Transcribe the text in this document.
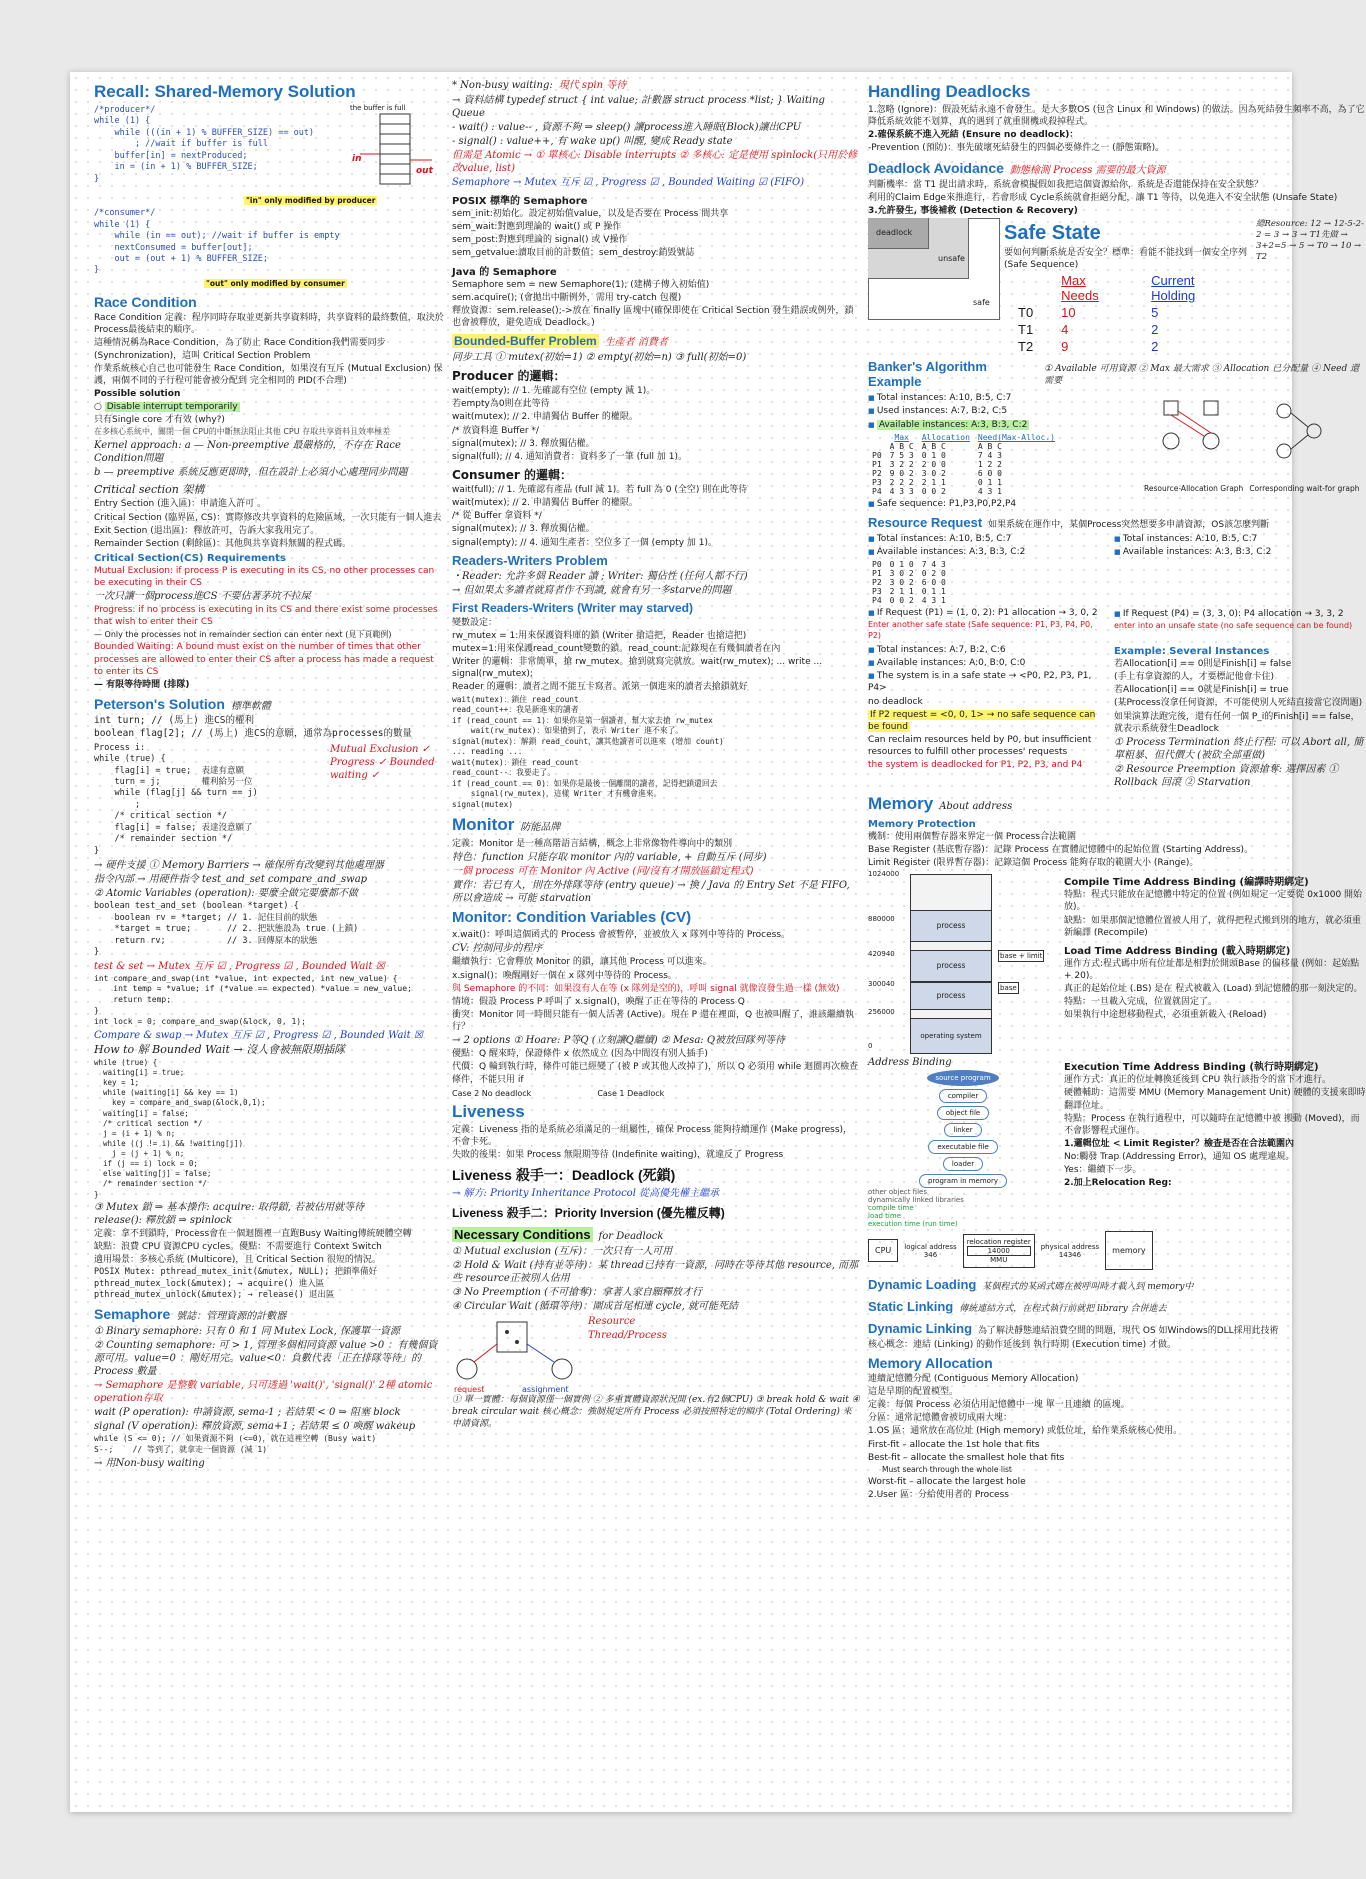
Recall: Shared-Memory Solution
/*producer*/
while (1) {
while (((in + 1) % BUFFER_SIZE) == out)
; //wait if buffer is full
buffer[in] = nextProduced;
in = (in + 1) % BUFFER_SIZE;
}
the buffer is full
in
out
"in" only modified by producer
/*consumer*/
while (1) {
while (in == out); //wait if buffer is empty
nextConsumed = buffer[out];
out = (out + 1) % BUFFER_SIZE;
}
"out" only modified by consumer
Race Condition
Race Condition 定義：程序同時存取並更新共享資料時，共享資料的最終數值，取決於 Process最後結束的順序。
這種情況稱為Race Condition，為了防止 Race Condition我們需要同步 (Synchronization)，這叫 Critical Section Problem
作業系統核心自己也可能發生 Race Condition，如果沒有互斥 (Mutual Exclusion) 保護，兩個不同的子行程可能會被分配到 完全相同的 PID(不合理)
Possible solution
○ Disable interrupt temporarily
只有Single core 才有效 (why?)
在多核心系統中，關閉一個 CPU的中斷無法阻止其他 CPU 存取共享資料且效率極差
Kernel approach: a — Non-preemptive 最嚴格的，不存在 Race Condition問題
b — preemptive 系統反應更即時，但在設計上必須小心處理同步問題
Critical section 架構
Entry Section (進入區)：申請進入許可 。
Critical Section (臨界區, CS)：實際修改共享資料的危險區域，一次只能有一個人進去
Exit Section (退出區)：釋放許可，告訴大家我用完了。
Remainder Section (剩餘區)：其他與共享資料無關的程式碼。
Critical Section(CS) Requirements
Mutual Exclusion: if process P is executing in its CS, no other processes can be executing in their CS
一次只讓一個process進CS 不要佔著茅坑不拉屎
Progress: if no process is executing in its CS and there exist some processes that wish to enter their CS
— Only the processes not in remainder section can enter next (見下頁範例)
Bounded Waiting: A bound must exist on the number of times that other processes are allowed to enter their CS after a process has made a request to enter its CS
— 有限等待時間 (排隊)
Peterson's Solution 標準軟體
int turn; // (馬上) 進CS的權利
boolean flag[2]; // (馬上) 進CS的意願，通常為processes的數量
Process i:
while (true) {
flag[i] = true;  表達有意願
turn = j;        權利給另一位
while (flag[j] && turn == j)
;
/* critical section */
flag[i] = false; 表達沒意願了
/* remainder section */
}
Mutual Exclusion ✓ Progress ✓ Bounded waiting ✓
→ 硬件支援 ① Memory Barriers → 確保所有改變到其他處理器
指令內部 → 用硬件指令 test_and_set compare_and_swap
② Atomic Variables (operation): 要麼全做完要麼都不做
boolean test_and_set (boolean *target) {
boolean rv = *target; // 1. 記住目前的狀態
*target = true;       // 2. 把狀態設為 true (上鎖)
return rv;            // 3. 回傳原本的狀態
}
test & set → Mutex 互斥 ☑ , Progress ☑ , Bounded Wait ☒
int compare_and_swap(int *value, int expected, int new_value) {
int temp = *value; if (*value == expected) *value = new_value;
return temp;
}
int lock = 0; compare_and_swap(&lock, 0, 1);
Compare & swap → Mutex 互斥 ☑ , Progress ☑ , Bounded Wait ☒
How to 解 Bounded Wait → 沒人會被無限期插隊
while (true) {
waiting[i] = true;
key = 1;
while (waiting[i] && key == 1)
key = compare_and_swap(&lock,0,1);
waiting[i] = false;
/* critical section */
j = (i + 1) % n;
while ((j != i) && !waiting[j])
j = (j + 1) % n;
if (j == i) lock = 0;
else waiting[j] = false;
/* remainder section */
}
③ Mutex 鎖 ⇒ 基本操作: acquire: 取得鎖, 若被佔用就等待
release(): 釋放鎖 ⇒ spinlock
定義：拿不到鎖時，Process會在一個迴圈裡一直跑Busy Waiting傳統硬體空轉
缺點：浪費 CPU 資源CPU cycles。優點：不需要進行 Context Switch
適用場景：多核心系統 (Multicore)，且 Critical Section 很短的情況。
POSIX Mutex: pthread_mutex_init(&mutex, NULL); 把鎖準備好
pthread_mutex_lock(&mutex); → acquire() 進入區
pthread_mutex_unlock(&mutex); → release() 退出區
Semaphore 號誌：管理資源的計數器
① Binary semaphore: 只有 0 和 1 同 Mutex Lock, 保護單一資源
② Counting semaphore: 可 > 1, 管理多個相同資源 value >0 ：有幾個資源可用。value=0 ：剛好用完。value<0：負數代表「正在排隊等待」的 Process 數量
→ Semaphore 是整數 variable, 只可透過 'wait()', 'signal()' 2種 atomic operation存取
wait (P operation): 申請資源, sema-1 ; 若結果 < 0 ⇒ 阻塞 block
signal (V operation): 釋放資源, sema+1 ; 若結果 ≤ 0 喚醒 wakeup
while (S <= 0); // 如果資源不夠 (<=0)，就在這裡空轉 (Busy wait)
S--;    // 等到了，就拿走一個資源 (減 1)
→ 用Non-busy waiting
* Non-busy waiting: 現代 spin 等待
→ 資料結構 typedef struct { int value; 計數器 struct process *list; } Waiting Queue
- wait() : value-- , 資源不夠 ⇒ sleep() 讓process進入睡眠(Block)讓出CPU
- signal() : value++, 有 wake up() 叫醒, 變成 Ready state
但需是 Atomic → ① 單核心: Disable interrupts ② 多核心: 定是使用 spinlock(只用於修改value, list)
Semaphore → Mutex 互斥 ☑ , Progress ☑ , Bounded Waiting ☑ (FIFO)
POSIX 標準的 Semaphore
sem_init:初始化。設定初始值value，以及是否要在 Process 間共享
sem_wait:對應到理論的 wait() 或 P 操作
sem_post:對應到理論的 signal() 或 V操作
sem_getvalue:讀取目前的計數值；sem_destroy:銷毀號誌
Java 的 Semaphore
Semaphore sem = new Semaphore(1); (建構子傳入初始值)
sem.acquire(); (會拋出中斷例外，需用 try-catch 包覆)
釋放資源：sem.release();->放在 finally 區塊中(確保即使在 Critical Section 發生錯誤或例外，鎖也會被釋放，避免造成 Deadlock。)
Bounded-Buffer Problem 生產者 消費者
同步工具 ① mutex(初始=1) ② empty(初始=n) ③ full(初始=0)
Producer 的邏輯：
wait(empty); // 1. 先確認有空位 (empty 減 1)。
若empty為0則在此等待
wait(mutex); // 2. 申請獨佔 Buffer 的權限。
/* 放資料進 Buffer */
signal(mutex); // 3. 釋放獨佔權。
signal(full); // 4. 通知消費者：資料多了一筆 (full 加 1)。
Consumer 的邏輯：
wait(full); // 1. 先確認有產品 (full 減 1)。若 full 為 0 (全空) 則在此等待
wait(mutex); // 2. 申請獨佔 Buffer 的權限。
/* 從 Buffer 拿資料 */
signal(mutex); // 3. 釋放獨佔權。
signal(empty); // 4. 通知生產者：空位多了一個 (empty 加 1)。
Readers-Writers Problem
・Reader: 允許多個 Reader 讀 ; Writer: 獨佔性 (任何人都不行)
→ 但如果太多讀者就寫者作不到讀, 就會有另一多starve的問題
First Readers-Writers (Writer may starved)
變數設定：
rw_mutex = 1:用來保護資料庫的鎖 (Writer 搶這把，Reader 也搶這把)
mutex=1:用來保護read_count變數的鎖。read_count:記錄現在有幾個讀者在內
Writer 的邏輯：非常簡單，搶 rw_mutex。搶到就寫完就放。wait(rw_mutex); ... write ... signal(rw_mutex);
Reader 的邏輯：讀者之間不能互卡寫者。派第一個進來的讀者去搶鎖就好
wait(mutex)：鎖住 read_count
read_count++：我是新進來的讀者
if (read_count == 1)：如果你是第一個讀者，幫大家去搶 rw_mutex
wait(rw_mutex)：如果搶到了，表示 Writer 進不來了。
signal(mutex)：解鎖 read_count，讓其他讀者可以進來 (增加 count)
... reading ...
wait(mutex)：鎖住 read_count
read_count--：我要走了。
if (read_count == 0)：如果你是最後一個離開的讀者，記得把鎖還回去
signal(rw_mutex)，這樣 Writer 才有機會進來。
signal(mutex)
Monitor 防能品牌
定義：Monitor 是一種高階語言結構，概念上非常像物件導向中的類別
特色：function 只能存取 monitor 內的 variable, + 自動互斥 (同步)
一個 process 可在 Monitor 內 Active (同/沒有才開放區鎖定程式)
實作：若已有人，則在外排隊等待 (entry queue) → 換 / Java 的 Entry Set 不是 FIFO, 所以會造成 → 可能 starvation
Monitor: Condition Variables (CV)
x.wait()：呼叫這個函式的 Process 會被暫停，並被放入 x 隊列中等待的 Process。
CV: 控制同步的程序
繼續執行：它會釋放 Monitor 的鎖，讓其他 Process 可以進來。
x.signal()：喚醒剛好一個在 x 隊列中等待的 Process。
與 Semaphore 的不同：如果沒有人在等 (x 隊列是空的)，呼叫 signal 就像沒發生過一樣 (無效)
情境：假設 Process P 呼叫了 x.signal()，喚醒了正在等待的 Process Q
衝突：Monitor 同一時間只能有一個人活著 (Active)。現在 P 還在裡面，Q 也被叫醒了，誰該繼續執行？
→ 2 options ① Hoare: P等Q (立刻讓Q繼續) ② Mesa: Q被放回隊列等待
優點：Q 醒來時，保證條件 x 依然成立 (因為中間沒有別人插手)
代價：Q 輪到執行時，條件可能已經變了 (被 P 或其他人改掉了)，所以 Q 必須用 while 迴圈再次檢查條件，不能只用 if
Case 2 No deadlock	Case 1 Deadlock
Liveness
定義：Liveness 指的是系統必須滿足的一組屬性，確保 Process 能夠持續運作 (Make progress)，不會卡死。
失敗的後果：如果 Process 無限期等待 (Indefinite waiting)，就違反了 Progress
Liveness 殺手一：Deadlock (死鎖)
→ 解方: Priority Inheritance Protocol 從高優先權主繼承
Liveness 殺手二：Priority Inversion (優先權反轉)
Necessary Conditions for Deadlock
① Mutual exclusion (互斥)：一次只有一人可用
② Hold & Wait (持有並等待)：某 thread已持有一資源，同時在等待其他 resource, 而那些 resource正被別人佔用
③ No Preemption (不可搶奪)：拿著人家自願釋放才行
④ Circular Wait (循環等待)：圍成首尾相連 cycle, 就可能死結
request	assignment
Resource
Thread/Process
① 單一實體：每個資源僅一個實例 ② 多重實體資源狀況開 (ex.有2個CPU) ③ break hold & wait ④ break circular wait 核心概念：強制規定所有 Process 必須按照特定的順序 (Total Ordering) 來申請資源。
Handling Deadlocks
1.忽略 (Ignore)：假設死結永遠不會發生。是大多數OS (包含 Linux 和 Windows) 的做法。因為死結發生頻率不高，為了它降低系統效能不划算，真的遇到了就重開機或殺掉程式。
2.確保系統不進入死結 (Ensure no deadlock)：
-Prevention (預防)：事先破壞死結發生的四個必要條件之一 (靜態策略)。
Deadlock Avoidance 動態檢測 Process 需要的最大資源
判斷機率：當 T1 提出請求時，系統會模擬假如我把這個資源給你，系統是否還能保持在安全狀態？
利用的Claim Edge來推進行，若會形成 Cycle系統就會拒絕分配，讓 T1 等待，以免進入不安全狀態 (Unsafe State)
3.允許發生, 事後補救 (Detection & Recovery)
deadlock
unsafe
safe
Safe State
要如何判斷系統是否安全？標準：看能不能找到一個安全序列 (Safe Sequence)
	Max Needs	Current Holding
T0	10	5
T1	4	2
T2	9	2
總Resource: 12 → 12-5-2-2 = 3 → 3 → T1先做 → 3+2=5 → 5 → T0 → 10 → T2
Banker's Algorithm Example
① Available 可用資源 ② Max 最大需求 ③ Allocation 已分配量 ④ Need 還需要
■ Total instances: A:10, B:5, C:7
■ Used instances: A:7, B:2, C:5
■ Available instances: A:3, B:3, C:2
	Max	Allocation	Need(Max-Alloc.)
	A B C	A B C	A B C
P0	7 5 3	0 1 0	7 4 3
P1	3 2 2	2 0 0	1 2 2
P2	9 0 2	3 0 2	6 0 0
P3	2 2 2	2 1 1	0 1 1
P4	4 3 3	0 0 2	4 3 1
■ Safe sequence: P1,P3,P0,P2,P4
Resource-Allocation Graph Corresponding wait-for graph
Resource Request 如果系統在運作中，某個Process突然想要多申請資源，OS該怎麼判斷
■ Total instances: A:10, B:5, C:7
■ Available instances: A:3, B:3, C:2
P0	0 1 0	7 4 3
P1	3 0 2	0 2 0
P2	3 0 2	6 0 0
P3	2 1 1	0 1 1
P4	0 0 2	4 3 1
■ If Request (P1) = (1, 0, 2): P1 allocation → 3, 0, 2
Enter another safe state (Safe sequence: P1, P3, P4, P0, P2)
■ Total instances: A:10, B:5, C:7
■ Available instances: A:3, B:3, C:2
■ If Request (P4) = (3, 3, 0): P4 allocation → 3, 3, 2
enter into an unsafe state (no safe sequence can be found)
■ Total instances: A:7, B:2, C:6
■ Available instances: A:0, B:0, C:0
■ The system is in a safe state → <P0, P2, P3, P1, P4>
no deadlock
If P2 request = <0, 0, 1> → no safe sequence can be found
Can reclaim resources held by P0, but insufficient resources to fulfill other processes' requests
the system is deadlocked for P1, P2, P3, and P4
Example: Several Instances
若Allocation[i] == 0則是Finish[i] = false
(手上有拿資源的人，才要標記他會卡住)
若Allocation[i] == 0就是Finish[i] = true
(某Process沒拿任何資源，不可能使別人死結直接當它沒問題)
如果演算法跑完後，還有任何一個 P_i的Finish[i] == false，就表示系統發生Deadlock
① Process Termination 終止行程: 可以 Abort all, 簡單粗暴、但代價大 (被砍全部重做)
② Resource Preemption 資源搶奪: 選擇因素 ① Rollback 回滾 ② Starvation
Memory About address
Memory Protection
機制：使用兩個暫存器來界定一個 Process合法範圍
Base Register (基底暫存器)：記錄 Process 在實體記憶體中的起始位置 (Starting Address)。
Limit Register (限界暫存器)：記錄這個 Process 能夠存取的範圍大小 (Range)。
1024000
880000
420940
300040
256000
0
process
process
process
operating system
base + limit
base
Compile Time Address Binding (編譯時期綁定)
特點：程式只能放在記憶體中特定的位置 (例如規定一定要從 0x1000 開始放)。
缺點：如果那個記憶體位置被人用了，就得把程式搬到別的地方，就必須重新編譯 (Recompile)
Load Time Address Binding (載入時期綁定)
運作方式:程式碼中所有位址都是相對於開頭Base 的偏移量 (例如：起始點 + 20)。
真正的起始位址 (.BS) 是在 程式被載入 (Load) 到記憶體的那一刻決定的。
特點：一旦載入完成，位置就固定了。
如果執行中途想移動程式，必須重新載入 (Reload)
Address Binding
source program
compiler
object file
linker
executable file
loader
program in memory
other object files
dynamically linked libraries
compile time
load time
execution time (run time)
Execution Time Address Binding (執行時期綁定)
運作方式：真正的位址轉換延後到 CPU 執行該指令的當下才進行。
硬體輔助：這需要 MMU (Memory Management Unit) 硬體的支援來即時翻譯位址。
特點：Process 在執行過程中，可以隨時在記憶體中被 搬動 (Moved)，而不會影響程式運作。
1.邏輯位址 < Limit Register？檢查是否在合法範圍內
No:觸發 Trap (Addressing Error)，通知 OS 處理違規。
Yes：繼續下一步。
2.加上Relocation Reg:
CPU	logical address
346
relocation register
14000
MMU
physical address
14346	memory
Dynamic Loading 某個程式的某函式碼在被呼叫時才載入到 memory中
Static Linking 傳統連結方式，在程式執行前就把 library 合併進去
Dynamic Linking 為了解決靜態連結浪費空間的問題，現代 OS 如Windows的DLL採用此技術
核心概念：連結 (Linking) 的動作延後到 執行時期 (Execution time) 才做。
Memory Allocation
連續記憶體分配 (Contiguous Memory Allocation)
這是早期的配置模型。
定義：每個 Process 必須佔用記憶體中一塊 單一且連續 的區塊。
分區：通常記憶體會被切成兩大塊：
1.OS 區：通常放在高位址 (High memory) 或低位址，給作業系統核心使用。
First-fit – allocate the 1st hole that fits
Best-fit – allocate the smallest hole that fits
Must search through the whole list
Worst-fit – allocate the largest hole
2.User 區：分給使用者的 Process
